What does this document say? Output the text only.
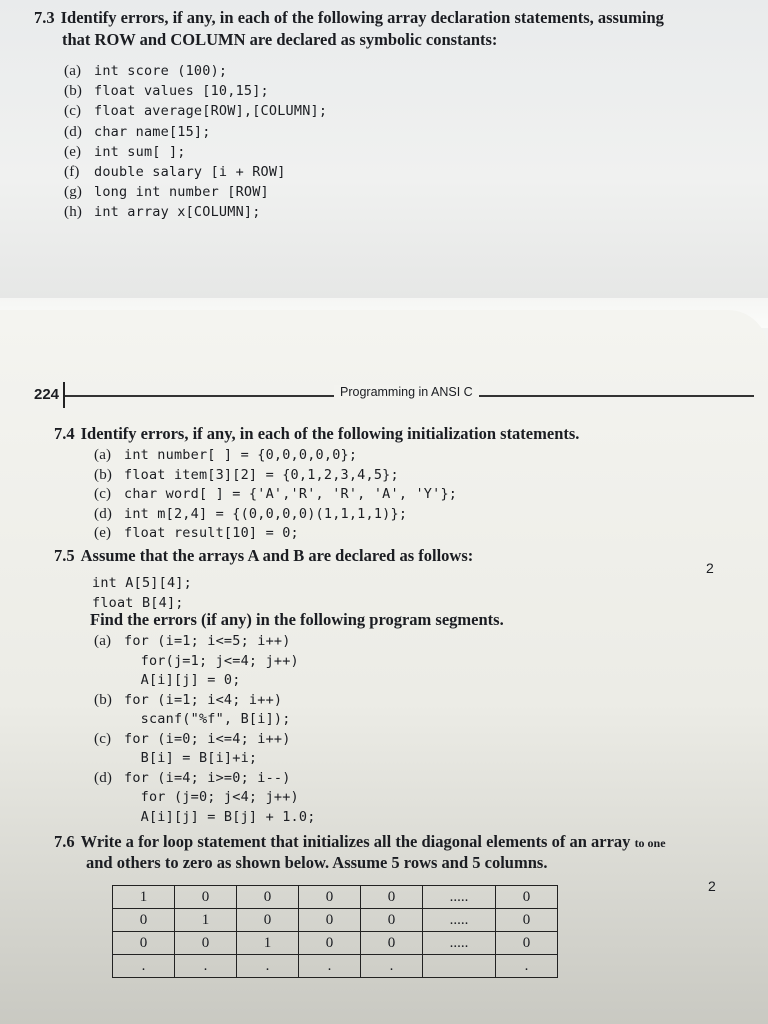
7.3 Identify errors, if any, in each of the following array declaration statements, assuming
that ROW and COLUMN are declared as symbolic constants:
(a) int score (100);
(b) float values [10,15];
(c) float average[ROW],[COLUMN];
(d) char name[15];
(e) int sum[ ];
(f) double salary [i + ROW]
(g) long int number [ROW]
(h) int array x[COLUMN];
224	Programming in ANSI C
7.4 Identify errors, if any, in each of the following initialization statements.
(a) int number[ ] = {0,0,0,0,0};
(b) float item[3][2] = {0,1,2,3,4,5};
(c) char word[ ] = {'A','R', 'R', 'A', 'Y'};
(d) int m[2,4] = {(0,0,0,0)(1,1,1,1)};
(e) float result[10] = 0;
7.5 Assume that the arrays A and B are declared as follows:
2
int A[5][4];
float B[4];
Find the errors (if any) in the following program segments.
(a) for (i=1; i<=5; i++)
for(j=1; j<=4; j++)
A[i][j] = 0;
(b) for (i=1; i<4; i++)
scanf("%f", B[i]);
(c) for (i=0; i<=4; i++)
B[i] = B[i]+i;
(d) for (i=4; i>=0; i--)
for (j=0; j<4; j++)
A[i][j] = B[j] + 1.0;
7.6 Write a for loop statement that initializes all the diagonal elements of an array to one
and others to zero as shown below. Assume 5 rows and 5 columns.
2
1	0	0	0	0	.....	0
0	1	0	0	0	.....	0
0	0	1	0	0	.....	0
.	.	.	.	.		.
